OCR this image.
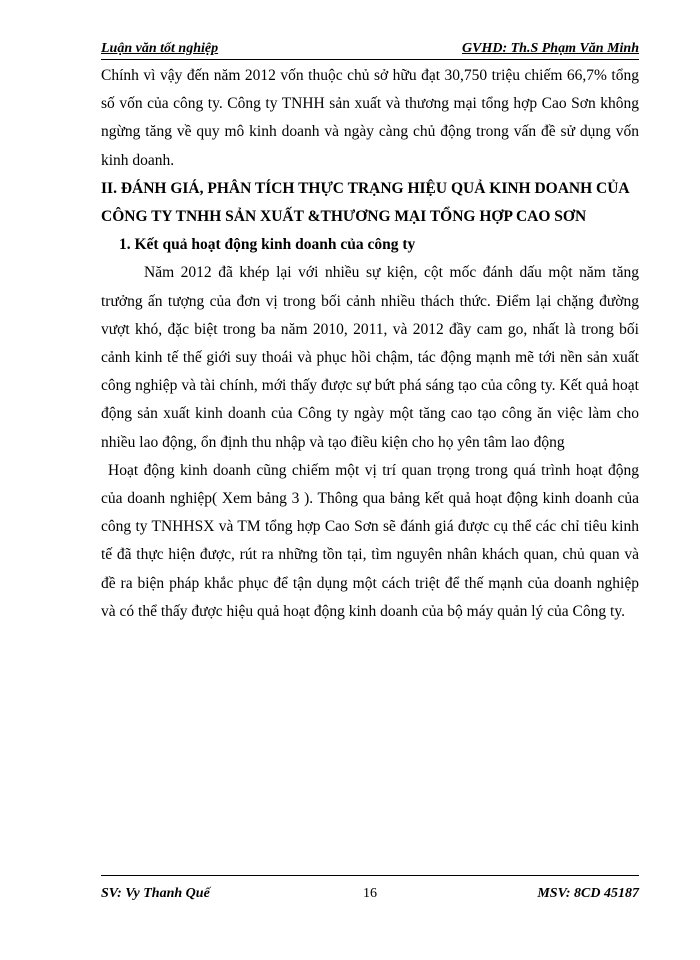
Luận văn tốt nghiệp	GVHD: Th.S Phạm Văn Minh

Chính vì vậy đến năm 2012 vốn thuộc chủ sở hữu đạt 30,750 triệu chiếm 66,7% tổng số vốn của công ty. Công ty TNHH sản xuất và thương mại tổng hợp Cao Sơn không ngừng tăng về quy mô kinh doanh và ngày càng chủ động trong vấn đề sử dụng vốn kinh doanh.

II. ĐÁNH GIÁ, PHÂN TÍCH THỰC TRẠNG HIỆU QUẢ KINH DOANH CỦA CÔNG TY TNHH SẢN XUẤT &THƯƠNG MẠI TỔNG HỢP CAO SƠN

1. Kết quả hoạt động kinh doanh của công ty

Năm 2012 đã khép lại với nhiều sự kiện, cột mốc đánh dấu một năm tăng trưởng ấn tượng của đơn vị trong bối cảnh nhiều thách thức. Điểm lại chặng đường vượt khó, đặc biệt trong ba năm 2010, 2011, và 2012 đầy cam go, nhất là trong bối cảnh kinh tế thế giới suy thoái và phục hồi chậm, tác động mạnh mẽ tới nền sản xuất công nghiệp và tài chính, mới thấy được sự bứt phá sáng tạo của công ty. Kết quả hoạt động sản xuất kinh doanh của Công ty ngày một tăng cao tạo công ăn việc làm cho nhiều lao động, ổn định thu nhập và tạo điều kiện cho họ yên tâm lao động

Hoạt động kinh doanh cũng chiếm một vị trí quan trọng trong quá trình hoạt động của doanh nghiệp( Xem bảng 3 ). Thông qua bảng kết quả hoạt động kinh doanh của công ty TNHHSX và TM tổng hợp Cao Sơn sẽ đánh giá được cụ thể các chỉ tiêu kinh tế đã thực hiện được, rút ra những tồn tại, tìm nguyên nhân khách quan, chủ quan và đề ra biện pháp khắc phục để tận dụng một cách triệt để thế mạnh của doanh nghiệp và có thể thấy được hiệu quả hoạt động kinh doanh của bộ máy quản lý của Công ty.

SV: Vy Thanh Quế	16	MSV: 8CD 45187
